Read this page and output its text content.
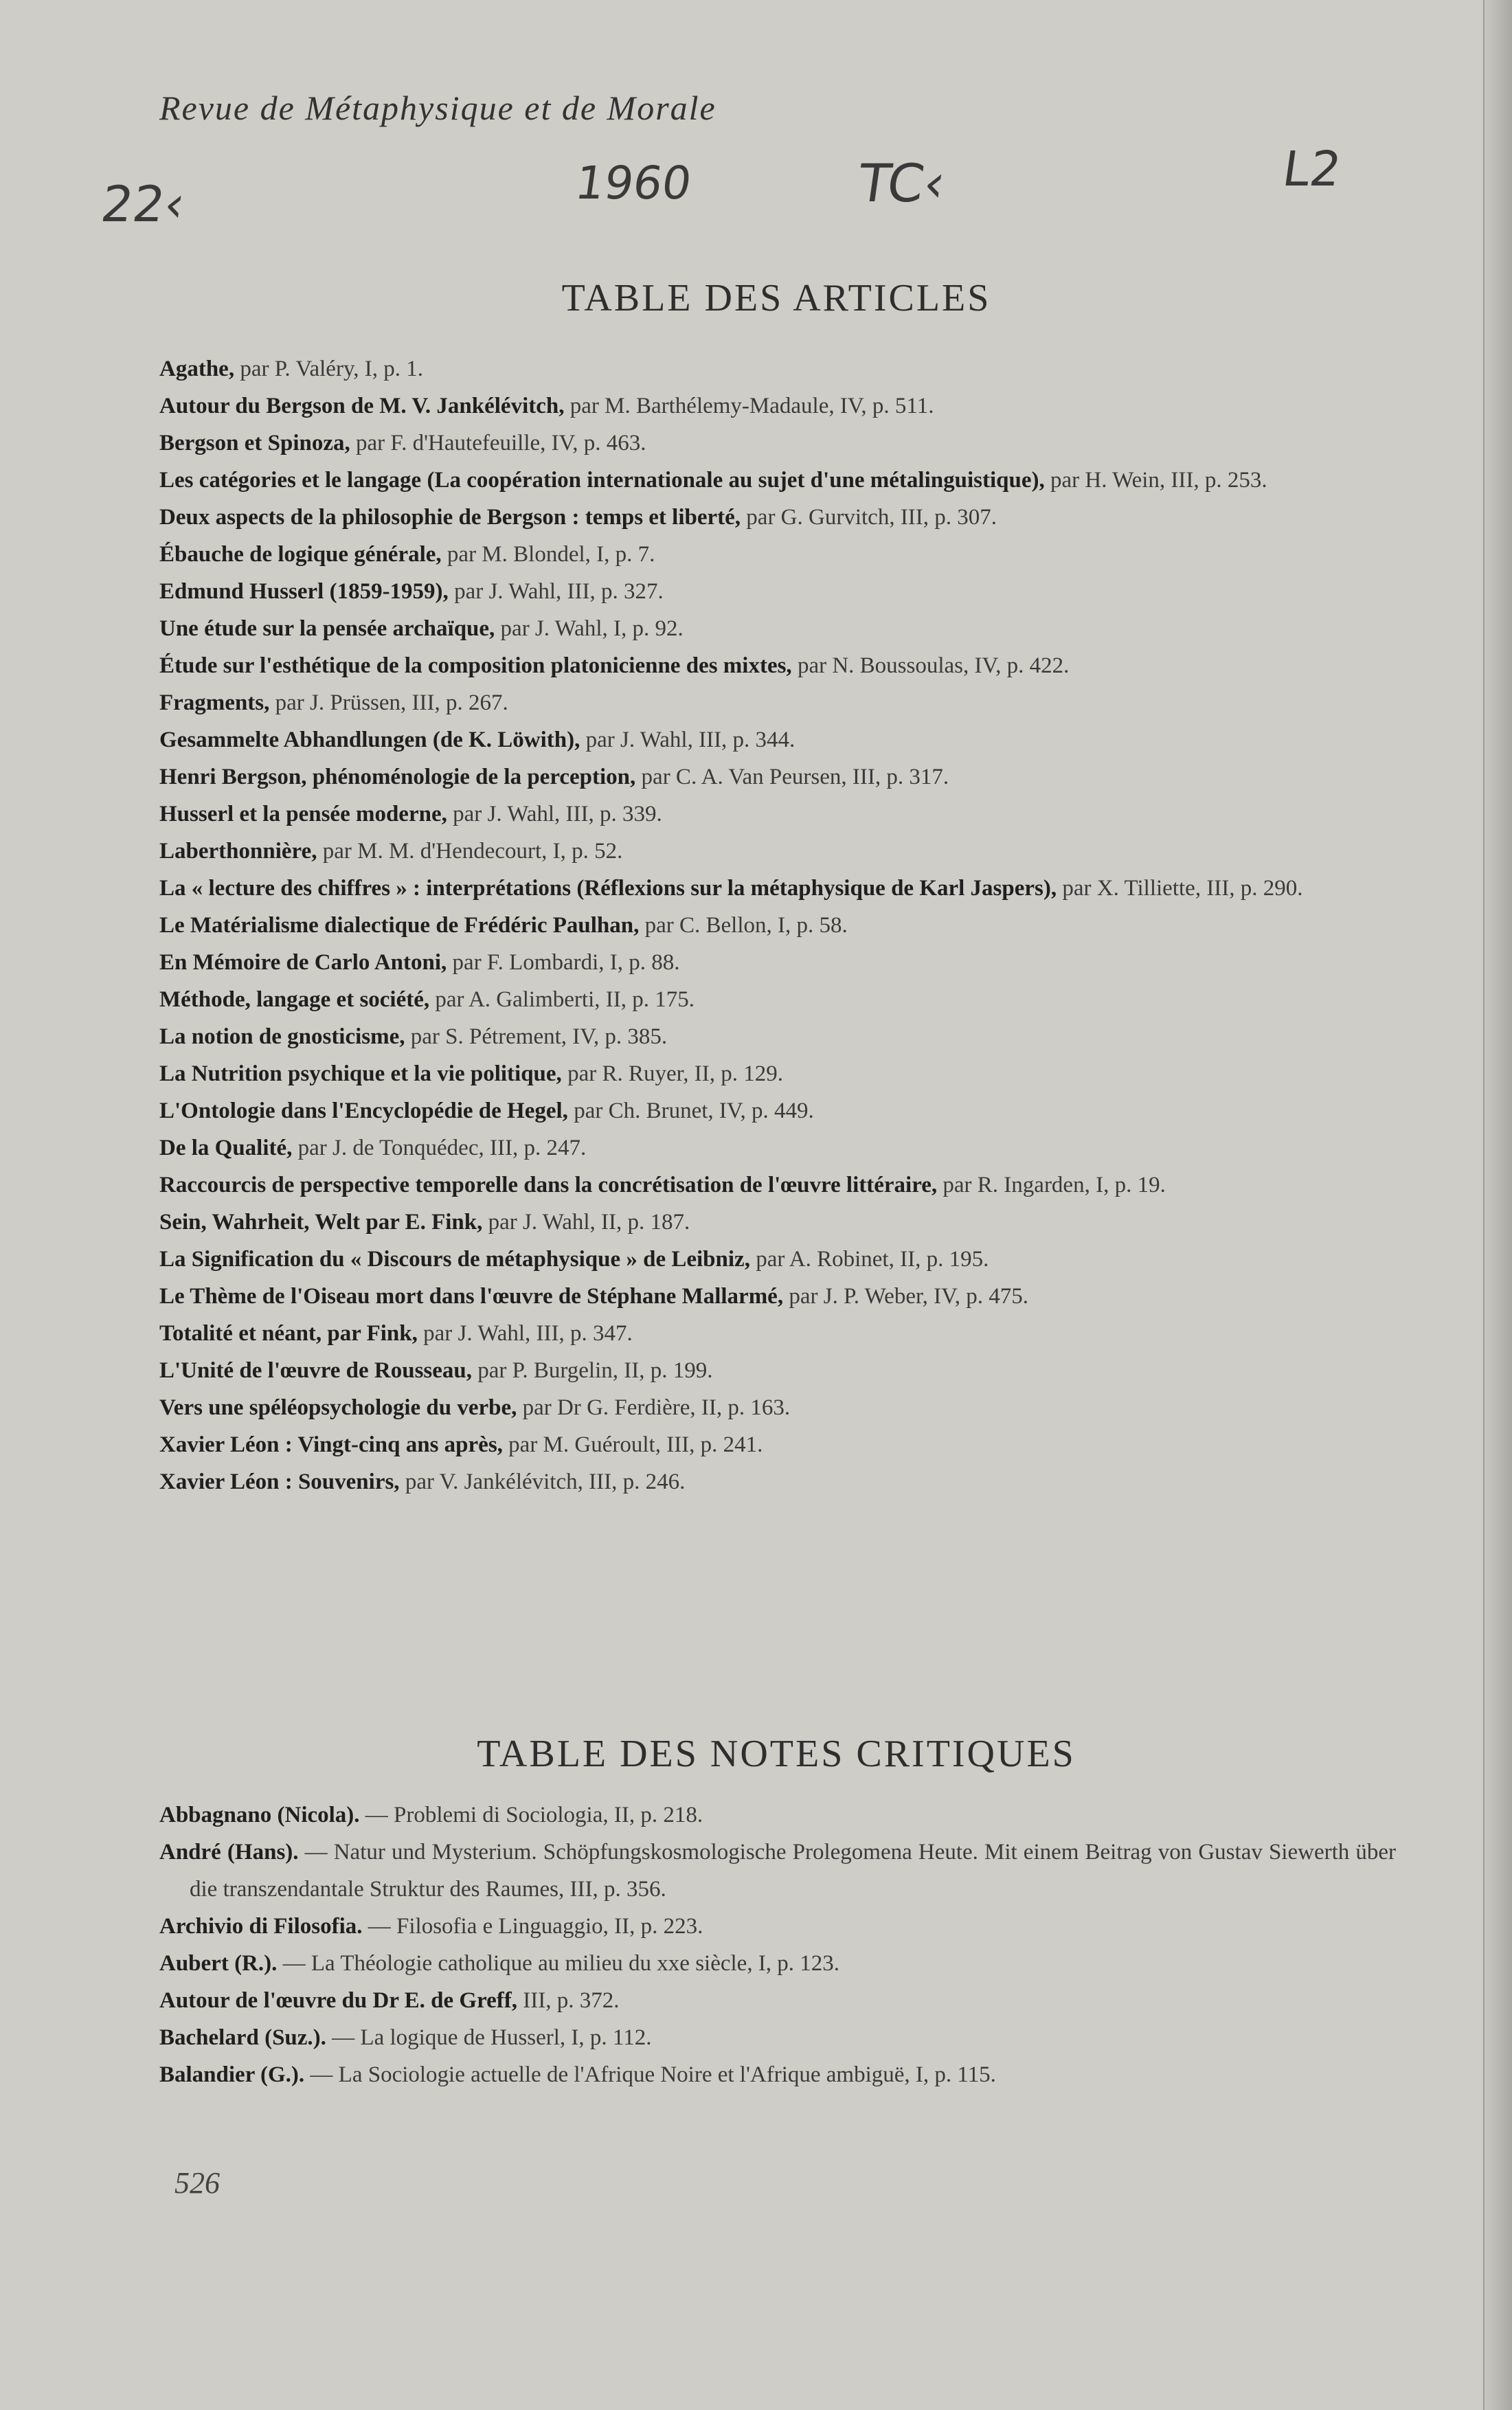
Revue de Métaphysique et de Morale
22‹	1960	TC‹	L2
TABLE DES ARTICLES
Agathe, par P. Valéry, I, p. 1.
Autour du Bergson de M. V. Jankélévitch, par M. Barthélemy-Madaule, IV, p. 511.
Bergson et Spinoza, par F. d'Hautefeuille, IV, p. 463.
Les catégories et le langage (La coopération internationale au sujet d'une métalinguistique), par H. Wein, III, p. 253.
Deux aspects de la philosophie de Bergson : temps et liberté, par G. Gurvitch, III, p. 307.
Ébauche de logique générale, par M. Blondel, I, p. 7.
Edmund Husserl (1859-1959), par J. Wahl, III, p. 327.
Une étude sur la pensée archaïque, par J. Wahl, I, p. 92.
Étude sur l'esthétique de la composition platonicienne des mixtes, par N. Boussoulas, IV, p. 422.
Fragments, par J. Prüssen, III, p. 267.
Gesammelte Abhandlungen (de K. Löwith), par J. Wahl, III, p. 344.
Henri Bergson, phénoménologie de la perception, par C. A. Van Peursen, III, p. 317.
Husserl et la pensée moderne, par J. Wahl, III, p. 339.
Laberthonnière, par M. M. d'Hendecourt, I, p. 52.
La « lecture des chiffres » : interprétations (Réflexions sur la métaphysique de Karl Jaspers), par X. Tilliette, III, p. 290.
Le Matérialisme dialectique de Frédéric Paulhan, par C. Bellon, I, p. 58.
En Mémoire de Carlo Antoni, par F. Lombardi, I, p. 88.
Méthode, langage et société, par A. Galimberti, II, p. 175.
La notion de gnosticisme, par S. Pétrement, IV, p. 385.
La Nutrition psychique et la vie politique, par R. Ruyer, II, p. 129.
L'Ontologie dans l'Encyclopédie de Hegel, par Ch. Brunet, IV, p. 449.
De la Qualité, par J. de Tonquédec, III, p. 247.
Raccourcis de perspective temporelle dans la concrétisation de l'œuvre littéraire, par R. Ingarden, I, p. 19.
Sein, Wahrheit, Welt par E. Fink, par J. Wahl, II, p. 187.
La Signification du « Discours de métaphysique » de Leibniz, par A. Robinet, II, p. 195.
Le Thème de l'Oiseau mort dans l'œuvre de Stéphane Mallarmé, par J. P. Weber, IV, p. 475.
Totalité et néant, par Fink, par J. Wahl, III, p. 347.
L'Unité de l'œuvre de Rousseau, par P. Burgelin, II, p. 199.
Vers une spéléopsychologie du verbe, par Dr G. Ferdière, II, p. 163.
Xavier Léon : Vingt-cinq ans après, par M. Guéroult, III, p. 241.
Xavier Léon : Souvenirs, par V. Jankélévitch, III, p. 246.
TABLE DES NOTES CRITIQUES
Abbagnano (Nicola). — Problemi di Sociologia, II, p. 218.
André (Hans). — Natur und Mysterium. Schöpfungskosmologische Prolegomena Heute. Mit einem Beitrag von Gustav Siewerth über die transzendantale Struktur des Raumes, III, p. 356.
Archivio di Filosofia. — Filosofia e Linguaggio, II, p. 223.
Aubert (R.). — La Théologie catholique au milieu du xxe siècle, I, p. 123.
Autour de l'œuvre du Dr E. de Greff, III, p. 372.
Bachelard (Suz.). — La logique de Husserl, I, p. 112.
Balandier (G.). — La Sociologie actuelle de l'Afrique Noire et l'Afrique ambiguë, I, p. 115.
526
